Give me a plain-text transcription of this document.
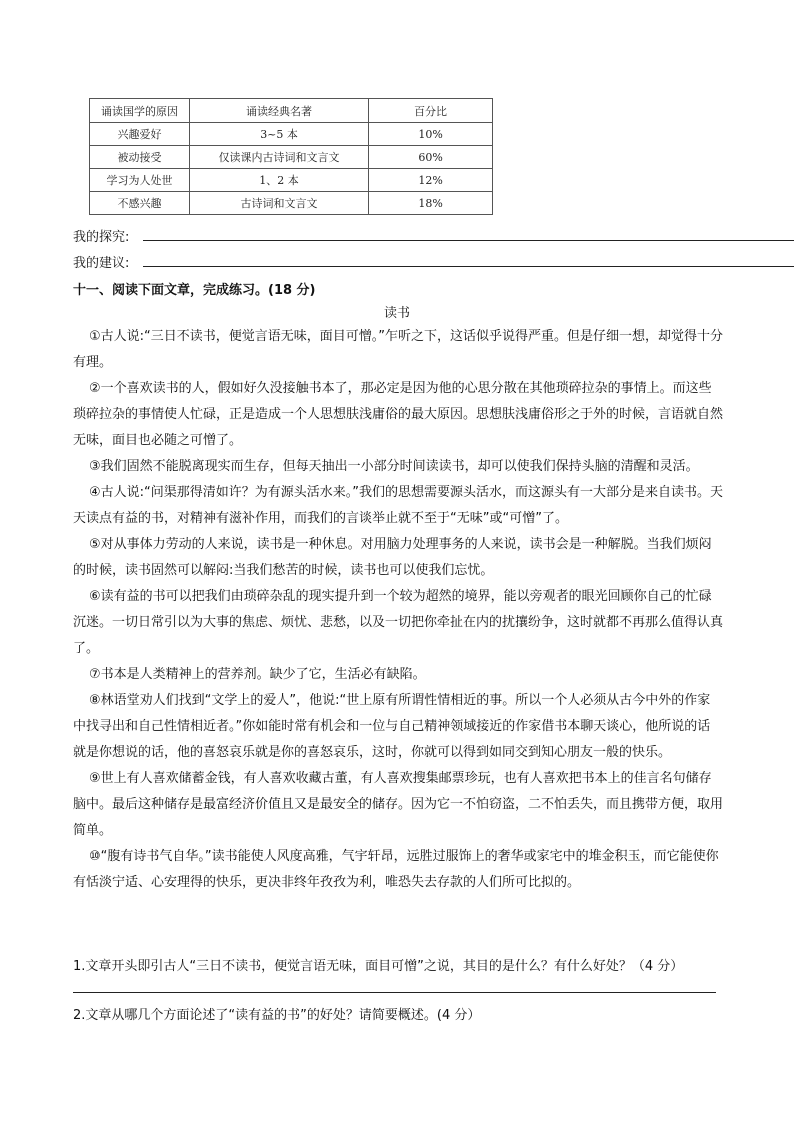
诵读国学的原因	诵读经典名著	百分比
兴趣爱好	3~5 本	10%
被动接受	仅读课内古诗词和文言文	60%
学习为人处世	1、2 本	12%
不感兴趣	古诗词和文言文	18%
我的探究:
我的建议:
十一、阅读下面文章，完成练习。(18 分)
读书

①古人说:“三日不读书，便觉言语无味，面目可憎。”乍听之下，这话似乎说得严重。但是仔细一想，却觉得十分有理。

②一个喜欢读书的人，假如好久没接触书本了，那必定是因为他的心思分散在其他琐碎拉杂的事情上。而这些琐碎拉杂的事情使人忙碌，正是造成一个人思想肤浅庸俗的最大原因。思想肤浅庸俗形之于外的时候，言语就自然无味，面目也必随之可憎了。

③我们固然不能脱离现实而生存，但每天抽出一小部分时间读读书，却可以使我们保持头脑的清醒和灵活。

④古人说:“问渠那得清如许？为有源头活水来。”我们的思想需要源头活水，而这源头有一大部分是来自读书。天天读点有益的书，对精神有滋补作用，而我们的言谈举止就不至于“无味”或“可憎”了。

⑤对从事体力劳动的人来说，读书是一种休息。对用脑力处理事务的人来说，读书会是一种解脱。当我们烦闷的时候，读书固然可以解闷:当我们愁苦的时候，读书也可以使我们忘忧。

⑥读有益的书可以把我们由琐碎杂乱的现实提升到一个较为超然的境界，能以旁观者的眼光回顾你自己的忙碌沉迷。一切日常引以为大事的焦虑、烦忧、悲愁，以及一切把你牵扯在内的扰攘纷争，这时就都不再那么值得认真了。

⑦书本是人类精神上的营养剂。缺少了它，生活必有缺陷。

⑧林语堂劝人们找到“文学上的爱人”，他说:“世上原有所谓性情相近的事。所以一个人必须从古今中外的作家中找寻出和自己性情相近者。”你如能时常有机会和一位与自己精神领域接近的作家借书本聊天谈心，他所说的话就是你想说的话，他的喜怒哀乐就是你的喜怒哀乐，这时，你就可以得到如同交到知心朋友一般的快乐。

⑨世上有人喜欢储蓄金钱，有人喜欢收藏古董，有人喜欢搜集邮票珍玩，也有人喜欢把书本上的佳言名句储存脑中。最后这种储存是最富经济价值且又是最安全的储存。因为它一不怕窃盗，二不怕丢失，而且携带方便，取用简单。

⑩“腹有诗书气自华。”读书能使人风度高雅，气宇轩昂，远胜过服饰上的奢华或家宅中的堆金积玉，而它能使你有恬淡宁适、心安理得的快乐，更决非终年孜孜为利，唯恐失去存款的人们所可比拟的。

1.文章开头即引古人“三日不读书，便觉言语无味，面目可憎”之说，其目的是什么？有什么好处？（4 分）
2.文章从哪几个方面论述了“读有益的书”的好处？请简要概述。(4 分）
